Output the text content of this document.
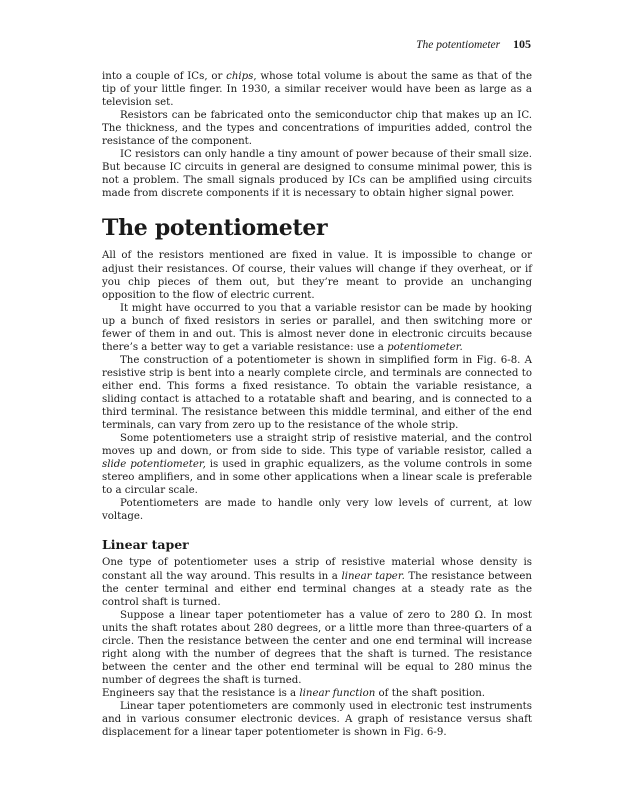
The potentiometer 105

into a couple of ICs, or chips, whose total volume is about the same as that of the tip of your little finger. In 1930, a similar receiver would have been as large as a television set.

Resistors can be fabricated onto the semiconductor chip that makes up an IC. The thickness, and the types and concentrations of impurities added, control the resistance of the component.

IC resistors can only handle a tiny amount of power because of their small size. But because IC circuits in general are designed to consume minimal power, this is not a problem. The small signals produced by ICs can be amplified using circuits made from discrete components if it is necessary to obtain higher signal power.

The potentiometer

All of the resistors mentioned are fixed in value. It is impossible to change or adjust their resistances. Of course, their values will change if they overheat, or if you chip pieces of them out, but they’re meant to provide an unchanging opposition to the flow of electric current.

It might have occurred to you that a variable resistor can be made by hooking up a bunch of fixed resistors in series or parallel, and then switching more or fewer of them in and out. This is almost never done in electronic circuits because there’s a better way to get a variable resistance: use a potentiometer.

The construction of a potentiometer is shown in simplified form in Fig. 6-8. A resistive strip is bent into a nearly complete circle, and terminals are connected to either end. This forms a fixed resistance. To obtain the variable resistance, a sliding contact is attached to a rotatable shaft and bearing, and is connected to a third terminal. The resistance between this middle terminal, and either of the end terminals, can vary from zero up to the resistance of the whole strip.

Some potentiometers use a straight strip of resistive material, and the control moves up and down, or from side to side. This type of variable resistor, called a slide potentiometer, is used in graphic equalizers, as the volume controls in some stereo amplifiers, and in some other applications when a linear scale is preferable to a circular scale.

Potentiometers are made to handle only very low levels of current, at low voltage.

Linear taper

One type of potentiometer uses a strip of resistive material whose density is constant all the way around. This results in a linear taper. The resistance between the center terminal and either end terminal changes at a steady rate as the control shaft is turned.

Suppose a linear taper potentiometer has a value of zero to 280 Ω. In most units the shaft rotates about 280 degrees, or a little more than three-quarters of a circle. Then the resistance between the center and one end terminal will increase right along with the number of degrees that the shaft is turned. The resistance between the center and the other end terminal will be equal to 280 minus the number of degrees the shaft is turned.

Engineers say that the resistance is a linear function of the shaft position.

Linear taper potentiometers are commonly used in electronic test instruments and in various consumer electronic devices. A graph of resistance versus shaft displacement for a linear taper potentiometer is shown in Fig. 6-9.
